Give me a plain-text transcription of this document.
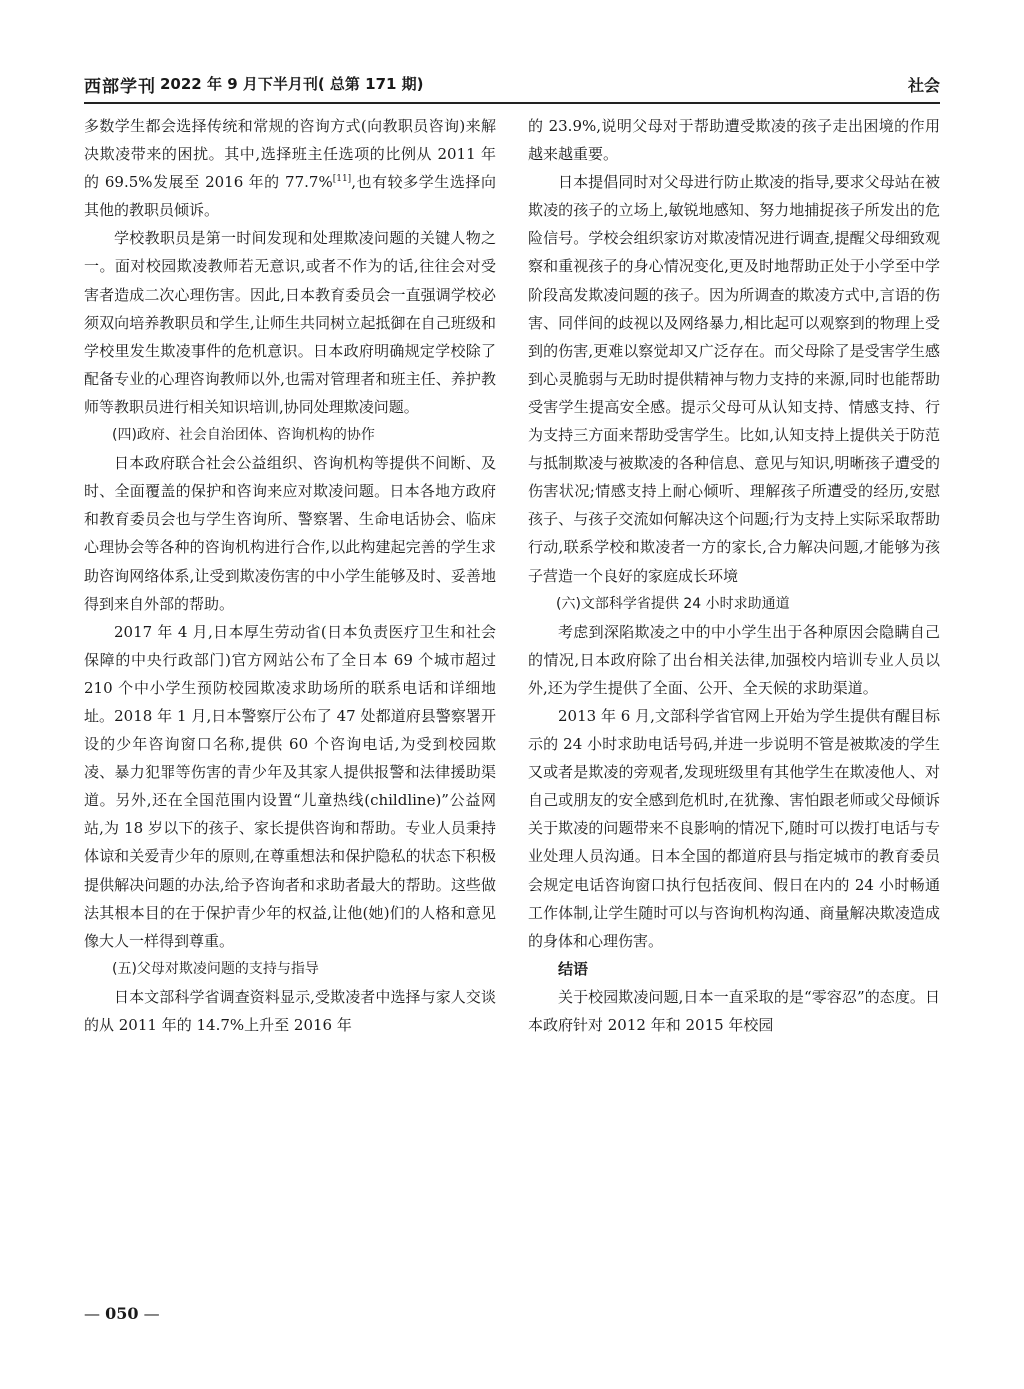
西部学刊 2022 年 9 月下半月刊( 总第 171 期)	社会

多数学生都会选择传统和常规的咨询方式(向教职员咨询)来解决欺凌带来的困扰。其中,选择班主任选项的比例从 2011 年的 69.5%发展至 2016 年的 77.7%[11],也有较多学生选择向其他的教职员倾诉。

学校教职员是第一时间发现和处理欺凌问题的关键人物之一。面对校园欺凌教师若无意识,或者不作为的话,往往会对受害者造成二次心理伤害。因此,日本教育委员会一直强调学校必须双向培养教职员和学生,让师生共同树立起抵御在自己班级和学校里发生欺凌事件的危机意识。日本政府明确规定学校除了配备专业的心理咨询教师以外,也需对管理者和班主任、养护教师等教职员进行相关知识培训,协同处理欺凌问题。

(四)政府、社会自治团体、咨询机构的协作

日本政府联合社会公益组织、咨询机构等提供不间断、及时、全面覆盖的保护和咨询来应对欺凌问题。日本各地方政府和教育委员会也与学生咨询所、警察署、生命电话协会、临床心理协会等各种的咨询机构进行合作,以此构建起完善的学生求助咨询网络体系,让受到欺凌伤害的中小学生能够及时、妥善地得到来自外部的帮助。

2017 年 4 月,日本厚生劳动省(日本负责医疗卫生和社会保障的中央行政部门)官方网站公布了全日本 69 个城市超过 210 个中小学生预防校园欺凌求助场所的联系电话和详细地址。2018 年 1 月,日本警察厅公布了 47 处都道府县警察署开设的少年咨询窗口名称,提供 60 个咨询电话,为受到校园欺凌、暴力犯罪等伤害的青少年及其家人提供报警和法律援助渠道。另外,还在全国范围内设置“儿童热线(childline)”公益网站,为 18 岁以下的孩子、家长提供咨询和帮助。专业人员秉持体谅和关爱青少年的原则,在尊重想法和保护隐私的状态下积极提供解决问题的办法,给予咨询者和求助者最大的帮助。这些做法其根本目的在于保护青少年的权益,让他(她)们的人格和意见像大人一样得到尊重。

(五)父母对欺凌问题的支持与指导

日本文部科学省调查资料显示,受欺凌者中选择与家人交谈的从 2011 年的 14.7%上升至 2016 年

的 23.9%,说明父母对于帮助遭受欺凌的孩子走出困境的作用越来越重要。

日本提倡同时对父母进行防止欺凌的指导,要求父母站在被欺凌的孩子的立场上,敏锐地感知、努力地捕捉孩子所发出的危险信号。学校会组织家访对欺凌情况进行调查,提醒父母细致观察和重视孩子的身心情况变化,更及时地帮助正处于小学至中学阶段高发欺凌问题的孩子。因为所调查的欺凌方式中,言语的伤害、同伴间的歧视以及网络暴力,相比起可以观察到的物理上受到的伤害,更难以察觉却又广泛存在。而父母除了是受害学生感到心灵脆弱与无助时提供精神与物力支持的来源,同时也能帮助受害学生提高安全感。提示父母可从认知支持、情感支持、行为支持三方面来帮助受害学生。比如,认知支持上提供关于防范与抵制欺凌与被欺凌的各种信息、意见与知识,明晰孩子遭受的伤害状况;情感支持上耐心倾听、理解孩子所遭受的经历,安慰孩子、与孩子交流如何解决这个问题;行为支持上实际采取帮助行动,联系学校和欺凌者一方的家长,合力解决问题,才能够为孩子营造一个良好的家庭成长环境

(六)文部科学省提供 24 小时求助通道

考虑到深陷欺凌之中的中小学生出于各种原因会隐瞒自己的情况,日本政府除了出台相关法律,加强校内培训专业人员以外,还为学生提供了全面、公开、全天候的求助渠道。

2013 年 6 月,文部科学省官网上开始为学生提供有醒目标示的 24 小时求助电话号码,并进一步说明不管是被欺凌的学生又或者是欺凌的旁观者,发现班级里有其他学生在欺凌他人、对自己或朋友的安全感到危机时,在犹豫、害怕跟老师或父母倾诉关于欺凌的问题带来不良影响的情况下,随时可以拨打电话与专业处理人员沟通。日本全国的都道府县与指定城市的教育委员会规定电话咨询窗口执行包括夜间、假日在内的 24 小时畅通工作体制,让学生随时可以与咨询机构沟通、商量解决欺凌造成的身体和心理伤害。

结语

关于校园欺凌问题,日本一直采取的是“零容忍”的态度。日本政府针对 2012 年和 2015 年校园

— 050 —
